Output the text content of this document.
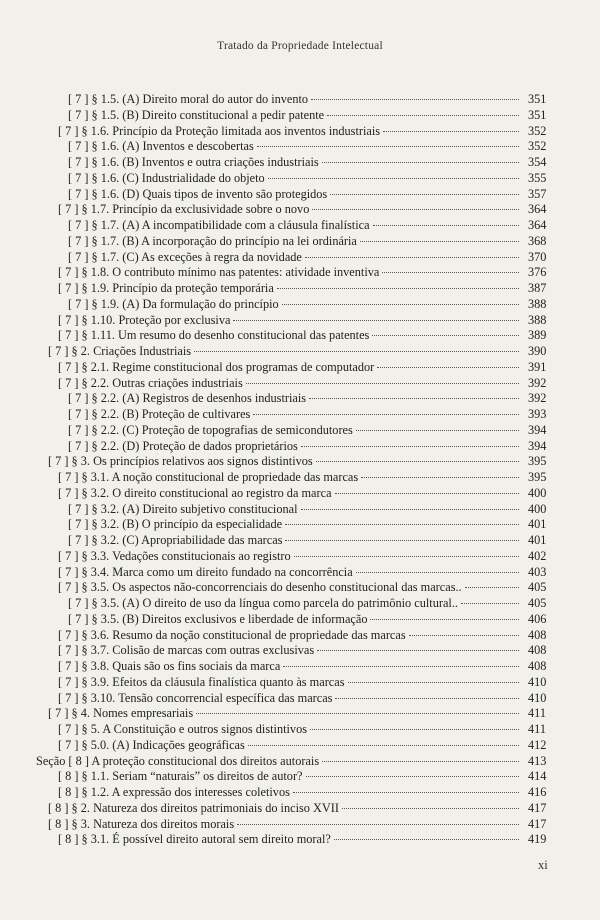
Tratado da Propriedade Intelectual
[ 7 ] § 1.5. (A) Direito moral do autor do invento	351
[ 7 ] § 1.5. (B) Direito constitucional a pedir patente	351
[ 7 ] § 1.6. Princípio da Proteção limitada aos inventos industriais	352
[ 7 ] § 1.6. (A) Inventos e descobertas	352
[ 7 ] § 1.6. (B) Inventos e outra criações industriais	354
[ 7 ] § 1.6. (C) Industrialidade do objeto	355
[ 7 ] § 1.6. (D) Quais tipos de invento são protegidos	357
[ 7 ] § 1.7. Princípio da exclusividade sobre o novo	364
[ 7 ] § 1.7. (A) A incompatibilidade com a cláusula finalística	364
[ 7 ] § 1.7. (B) A incorporação do princípio na lei ordinária	368
[ 7 ] § 1.7. (C) As exceções à regra da novidade	370
[ 7 ] § 1.8. O contributo mínimo nas patentes: atividade inventiva	376
[ 7 ] § 1.9. Princípio da proteção temporária	387
[ 7 ] § 1.9. (A) Da formulação do princípio	388
[ 7 ] § 1.10. Proteção por exclusiva	388
[ 7 ] § 1.11. Um resumo do desenho constitucional das patentes	389
[ 7 ] § 2. Criações Industriais	390
[ 7 ] § 2.1. Regime constitucional dos programas de computador	391
[ 7 ] § 2.2. Outras criações industriais	392
[ 7 ] § 2.2. (A) Registros de desenhos industriais	392
[ 7 ] § 2.2. (B) Proteção de cultivares	393
[ 7 ] § 2.2. (C) Proteção de topografias de semicondutores	394
[ 7 ] § 2.2. (D) Proteção de dados proprietários	394
[ 7 ] § 3. Os princípios relativos aos signos distintivos	395
[ 7 ] § 3.1. A noção constitucional de propriedade das marcas	395
[ 7 ] § 3.2. O direito constitucional ao registro da marca	400
[ 7 ] § 3.2. (A) Direito subjetivo constitucional	400
[ 7 ] § 3.2. (B) O princípio da especialidade	401
[ 7 ] § 3.2. (C) Apropriabilidade das marcas	401
[ 7 ] § 3.3. Vedações constitucionais ao registro	402
[ 7 ] § 3.4. Marca como um direito fundado na concorrência	403
[ 7 ] § 3.5. Os aspectos não-concorrenciais do desenho constitucional das marcas..	405
[ 7 ] § 3.5. (A) O direito de uso da língua como parcela do patrimônio cultural..	405
[ 7 ] § 3.5. (B) Direitos exclusivos e liberdade de informação	406
[ 7 ] § 3.6. Resumo da noção constitucional de propriedade das marcas	408
[ 7 ] § 3.7. Colisão de marcas com outras exclusivas	408
[ 7 ] § 3.8. Quais são os fins sociais da marca	408
[ 7 ] § 3.9. Efeitos da cláusula finalística quanto às marcas	410
[ 7 ] § 3.10. Tensão concorrencial específica das marcas	410
[ 7 ] § 4. Nomes empresariais	411
[ 7 ] § 5. A Constituição e outros signos distintivos	411
[ 7 ] § 5.0. (A) Indicações geográficas	412
Seção [ 8 ] A proteção constitucional dos direitos autorais	413
[ 8 ] § 1.1. Seriam “naturais” os direitos de autor?	414
[ 8 ] § 1.2. A expressão dos interesses coletivos	416
[ 8 ] § 2. Natureza dos direitos patrimoniais do inciso XVII	417
[ 8 ] § 3. Natureza dos direitos morais	417
[ 8 ] § 3.1. É possível direito autoral sem direito moral?	419
xi
